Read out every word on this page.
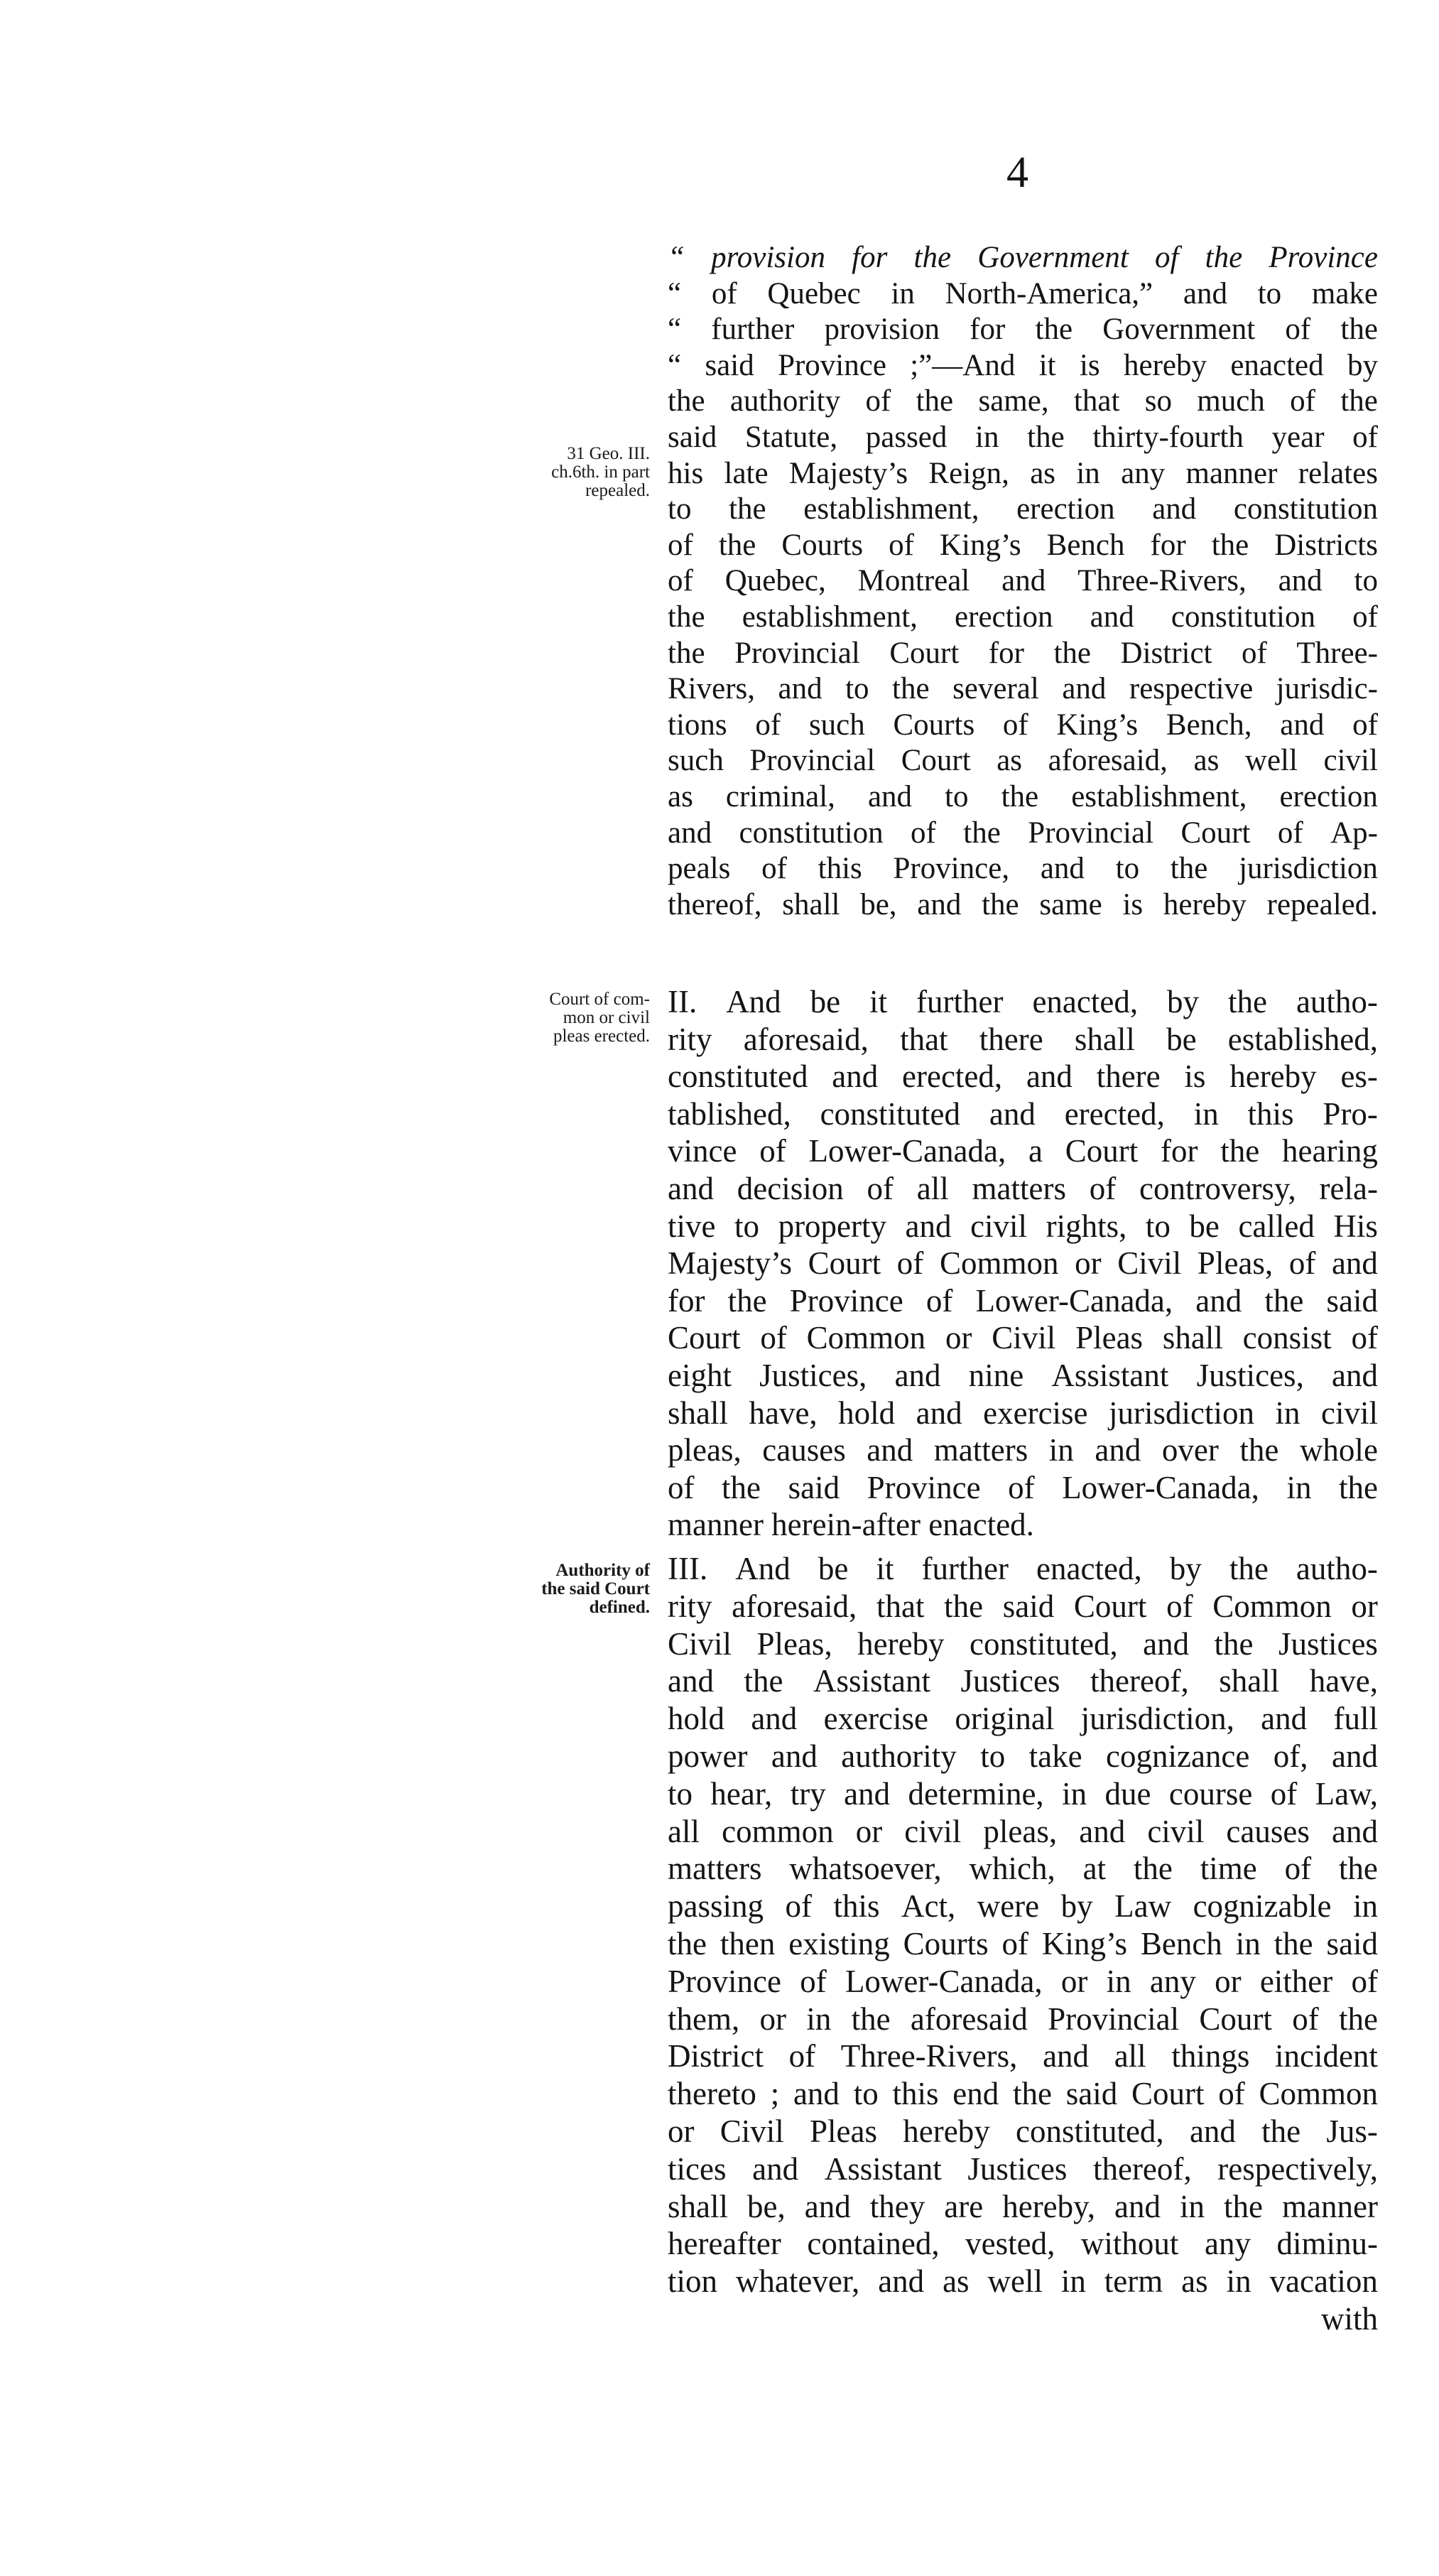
4
31 Geo. III.
ch.6th. in part
repealed.
Court of com-
mon or civil
pleas erected.
Authority of
the said Court
defined.
“ provision for the Government of the Province
“ of Quebec in North-America,” and to make
“ further provision for the Government of the
“ said Province ;”—And it is hereby enacted by
the authority of the same, that so much of the
said Statute, passed in the thirty-fourth year of
his late Majesty’s Reign, as in any manner relates
to the establishment, erection and constitution
of the Courts of King’s Bench for the Districts
of Quebec, Montreal and Three-Rivers, and to
the establishment, erection and constitution of
the Provincial Court for the District of Three-
Rivers, and to the several and respective jurisdic-
tions of such Courts of King’s Bench, and of
such Provincial Court as aforesaid, as well civil
as criminal, and to the establishment, erection
and constitution of the Provincial Court of Ap-
peals of this Province, and to the jurisdiction
thereof, shall be, and the same is hereby repealed.
II. And be it further enacted, by the autho-
rity aforesaid, that there shall be established,
constituted and erected, and there is hereby es-
tablished, constituted and erected, in this Pro-
vince of Lower-Canada, a Court for the hearing
and decision of all matters of controversy, rela-
tive to property and civil rights, to be called His
Majesty’s Court of Common or Civil Pleas, of and
for the Province of Lower-Canada, and the said
Court of Common or Civil Pleas shall consist of
eight Justices, and nine Assistant Justices, and
shall have, hold and exercise jurisdiction in civil
pleas, causes and matters in and over the whole
of the said Province of Lower-Canada, in the
manner herein-after enacted.
III. And be it further enacted, by the autho-
rity aforesaid, that the said Court of Common or
Civil Pleas, hereby constituted, and the Justices
and the Assistant Justices thereof, shall have,
hold and exercise original jurisdiction, and full
power and authority to take cognizance of, and
to hear, try and determine, in due course of Law,
all common or civil pleas, and civil causes and
matters whatsoever, which, at the time of the
passing of this Act, were by Law cognizable in
the then existing Courts of King’s Bench in the said
Province of Lower-Canada, or in any or either of
them, or in the aforesaid Provincial Court of the
District of Three-Rivers, and all things incident
thereto ; and to this end the said Court of Common
or Civil Pleas hereby constituted, and the Jus-
tices and Assistant Justices thereof, respectively,
shall be, and they are hereby, and in the manner
hereafter contained, vested, without any diminu-
tion whatever, and as well in term as in vacation
with
